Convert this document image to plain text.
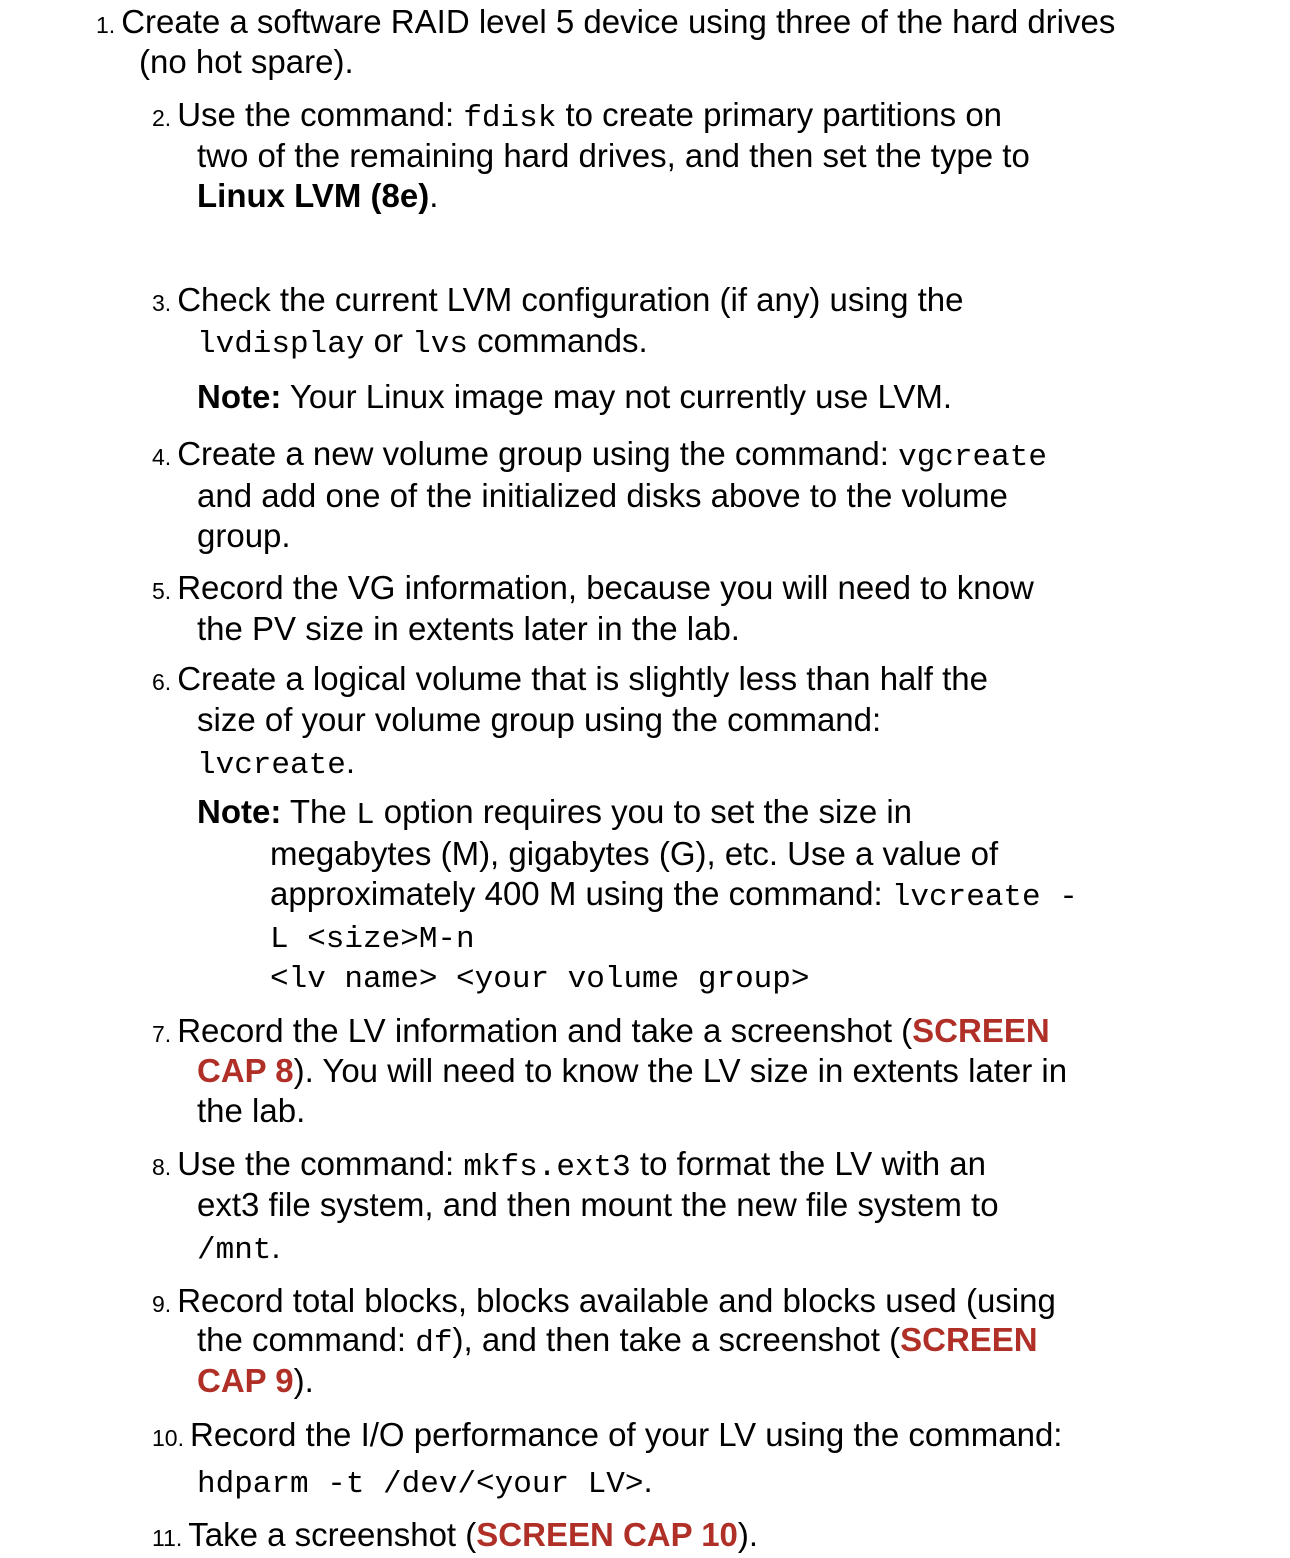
1. Create a software RAID level 5 device using three of the hard drives
(no hot spare).
2. Use the command: fdisk to create primary partitions on
two of the remaining hard drives, and then set the type to
Linux LVM (8e).
3. Check the current LVM configuration (if any) using the
lvdisplay or lvs commands.
Note: Your Linux image may not currently use LVM.
4. Create a new volume group using the command: vgcreate
and add one of the initialized disks above to the volume
group.
5. Record the VG information, because you will need to know
the PV size in extents later in the lab.
6. Create a logical volume that is slightly less than half the
size of your volume group using the command:
lvcreate.
Note: The L option requires you to set the size in
megabytes (M), gigabytes (G), etc. Use a value of
approximately 400 M using the command: lvcreate -
L <size>M-n
<lv name> <your volume group>
7. Record the LV information and take a screenshot (SCREEN
CAP 8). You will need to know the LV size in extents later in
the lab.
8. Use the command: mkfs.ext3 to format the LV with an
ext3 file system, and then mount the new file system to
/mnt.
9. Record total blocks, blocks available and blocks used (using
the command: df), and then take a screenshot (SCREEN
CAP 9).
10. Record the I/O performance of your LV using the command:
hdparm -t /dev/<your LV>.
11. Take a screenshot (SCREEN CAP 10).
